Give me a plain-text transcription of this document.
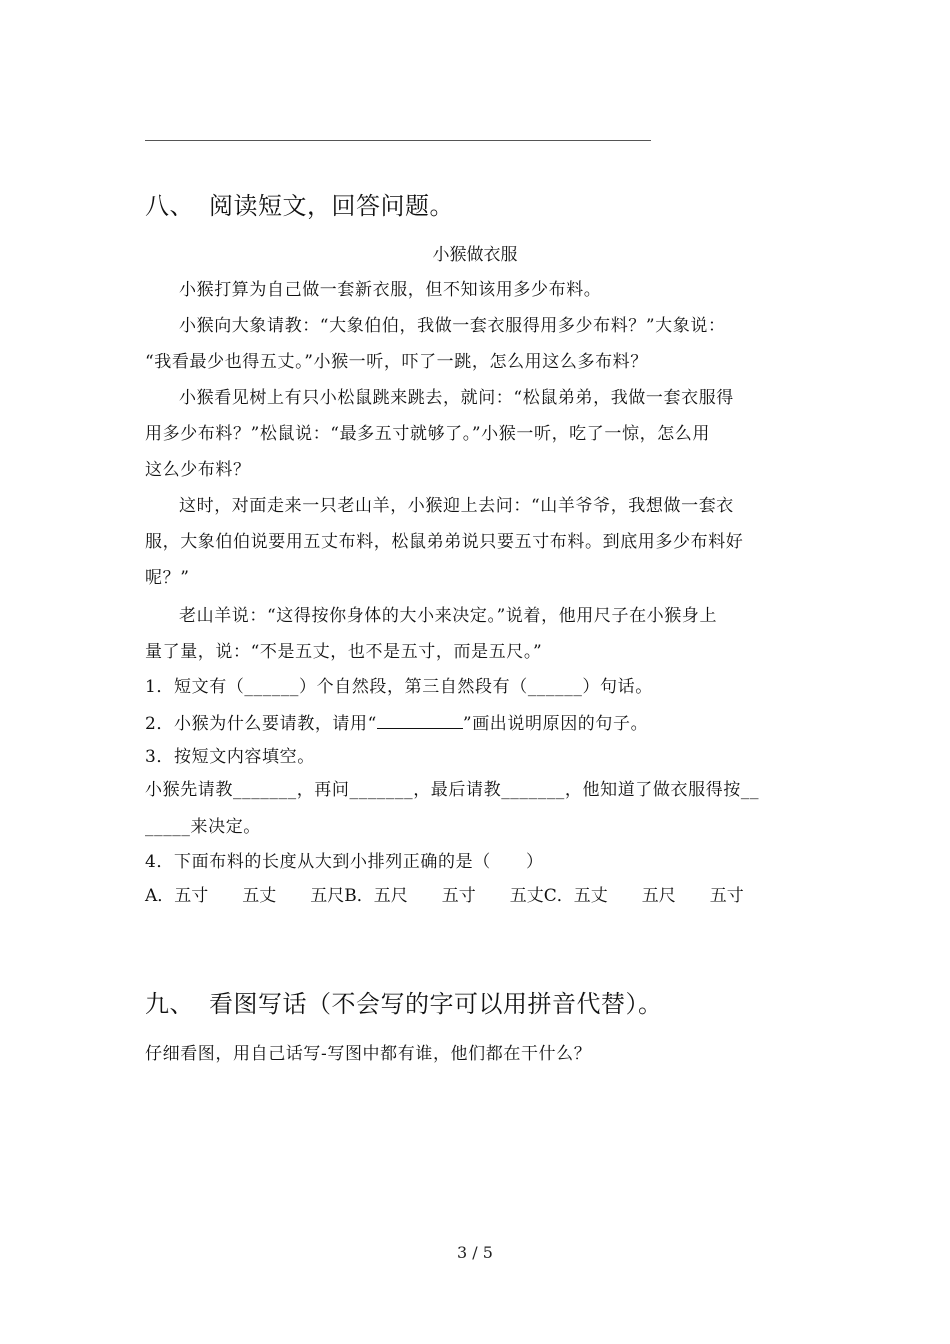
八、 阅读短文，回答问题。
小猴做衣服
小猴打算为自己做一套新衣服，但不知该用多少布料。
小猴向大象请教：“大象伯伯，我做一套衣服得用多少布料？”大象说：
“我看最少也得五丈。”小猴一听，吓了一跳，怎么用这么多布料？
小猴看见树上有只小松鼠跳来跳去，就问：“松鼠弟弟，我做一套衣服得
用多少布料？”松鼠说：“最多五寸就够了。”小猴一听，吃了一惊，怎么用
这么少布料？
这时，对面走来一只老山羊，小猴迎上去问：“山羊爷爷，我想做一套衣
服，大象伯伯说要用五丈布料，松鼠弟弟说只要五寸布料。到底用多少布料好
呢？”
老山羊说：“这得按你身体的大小来决定。”说着，他用尺子在小猴身上
量了量，说：“不是五丈，也不是五寸，而是五尺。”
1．短文有（______）个自然段，第三自然段有（______）句话。
2．小猴为什么要请教，请用“	”画出说明原因的句子。
3．按短文内容填空。
小猴先请教_______，再问_______，最后请教_______，他知道了做衣服得按__
_____来决定。
4．下面布料的长度从大到小排列正确的是（　　）
A．五寸　　五丈　　五尺B．五尺　　五寸　　五丈C．五丈　　五尺　　五寸
九、 看图写话（不会写的字可以用拼音代替）。
仔细看图，用自己话写-写图中都有谁，他们都在干什么？
3 / 5
